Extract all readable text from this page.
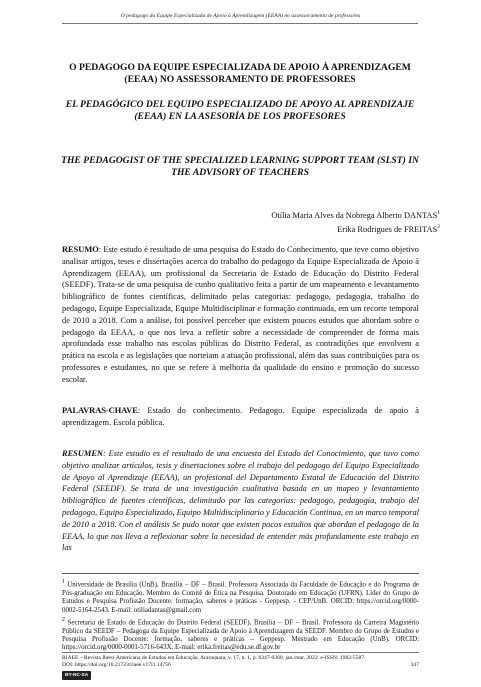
O pedagogo da Equipe Especializada de Apoio à Aprendizagem (EEAA) no assessoramento de professores
O PEDAGOGO DA EQUIPE ESPECIALIZADA DE APOIO À APRENDIZAGEM (EEAA) NO ASSESSORAMENTO DE PROFESSORES
EL PEDAGÓGICO DEL EQUIPO ESPECIALIZADO DE APOYO AL APRENDIZAJE (EEAA) EN LA ASESORÍA DE LOS PROFESORES
THE PEDAGOGIST OF THE SPECIALIZED LEARNING SUPPORT TEAM (SLST) IN THE ADVISORY OF TEACHERS
Otília Maria Alves da Nobrega Alberto DANTAS$^1$
Erika Rodrigues de FREITAS$^2$
RESUMO: Este estudo é resultado de uma pesquisa do Estado do Conhecimento, que teve como objetivo analisar artigos, teses e dissertações acerca do trabalho do pedagogo da Equipe Especializada de Apoio à Aprendizagem (EEAA), um profissional da Secretaria de Estado de Educação do Distrito Federal (SEEDF). Trata-se de uma pesquisa de cunho qualitativo feita a partir de um mapeamento e levantamento bibliográfico de fontes científicas, delimitado pelas categorias: pedagogo, pedagogia, trabalho do pedagogo, Equipe Especializada, Equipe Multidisciplinar e formação continuada, em um recorte temporal de 2010 a 2018. Com a análise, foi possível perceber que existem poucos estudos que abordam sobre o pedagogo da EEAA, o que nos leva a refletir sobre a necessidade de compreender de forma mais aprofundada esse trabalho nas escolas públicas do Distrito Federal, as contradições que envolvem a prática na escola e as legislações que norteiam a atuação profissional, além das suas contribuições para os professores e estudantes, no que se refere à melhoria da qualidade do ensino e promoção do sucesso escolar.
PALAVRAS-CHAVE: Estado do conhecimento. Pedagogo. Equipe especializada de apoio à aprendizagem. Escola pública.
RESUMEN: Este estudio es el resultado de una encuesta del Estado del Conocimiento, que tuvo como objetivo analizar artículos, tesis y disertaciones sobre el trabajo del pedagogo del Equipo Especializado de Apoyo al Aprendizaje (EEAA), un profesional del Departamento Estatal de Educación del Distrito Federal (SEEDF). Se trata de una investigación cualitativa basada en un mapeo y levantamiento bibliográfico de fuentes científicas, delimitado por las categorías: pedagogo, pedagogía, trabajo del pedagogo, Equipo Especializado, Equipo Multidisciplinario y Educación Continua, en un marco temporal de 2010 a 2018. Con el análisis Se pudo notar que existen pocos estudios que abordan el pedagogo de la EEAA, lo que nos lleva a reflexionar sobre la necesidad de entender más profundamente este trabajo en las
$^1$ Universidade de Brasília (UnB), Brasília – DF – Brasil. Professora Associada da Faculdade de Educação e do Programa de Pós-graduação em Educação. Membro do Comitê de Ética na Pesquisa. Doutorado em Educação (UFRN). Líder do Grupo de Estudos e Pesquisa Profissão Docente: formação, saberes e práticas - Geppesp. - CEP/UnB. ORCID: https://orcid.org/0000-0002-5164-2543. E-mail: otiliadantas@gmail.com
$^2$ Secretaria de Estado de Educação do Distrito Federal (SEEDF), Brasília – DF – Brasil. Professora da Carreira Magistério Público da SEEDF – Pedagoga da Equipe Especializada de Apoio à Aprendizagem da SEEDF. Membro do Grupo de Estudos e Pesquisa Profissão Docente: formação, saberes e práticas – Geppesp. Mestrado em Educação (UnB). ORCID: https://orcid.org/0000-0001-5716-643X. E-mail: erika.freitas@edu.se.df.gov.br
RIAEE – Revista Ibero-Americana de Estudos em Educação, Araraquara, v. 17, n. 1, p. 0347-0360, jan./mar. 2022. e-ISSN: 1982-5587.
DOI: https://doi.org/10.21723/riaee.v17i1.14756	347
BY-NC-SA
